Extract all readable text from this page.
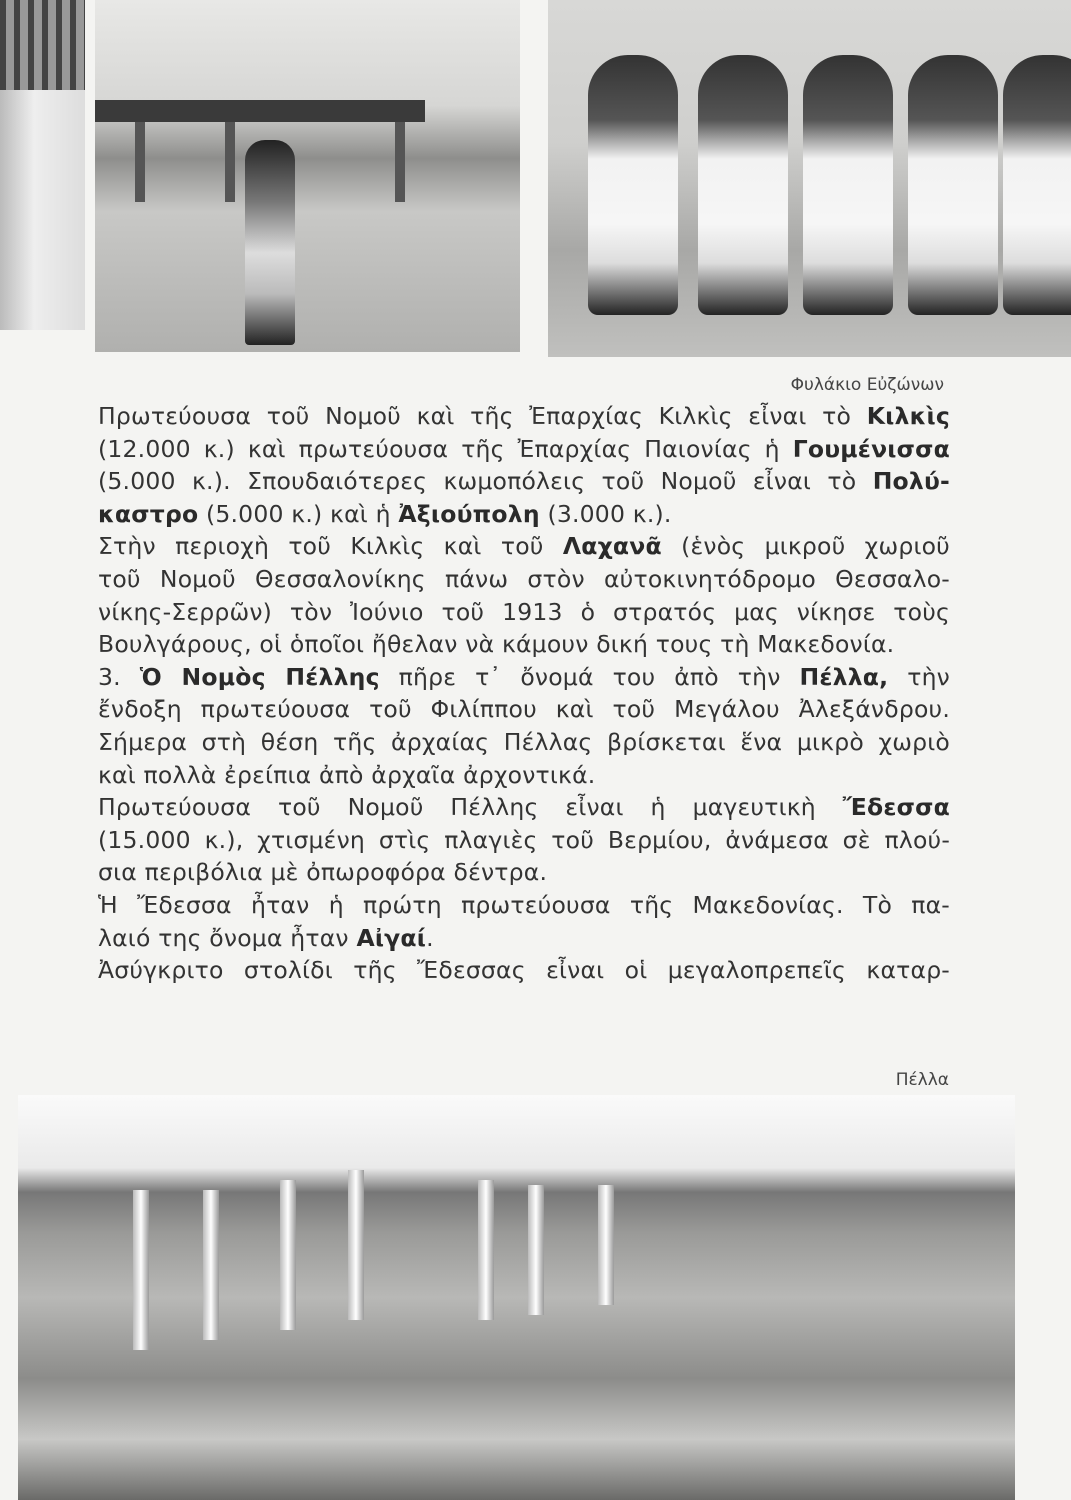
Φυλάκιο Εὐζώνων
Πρωτεύουσα τοῦ Νομοῦ καὶ τῆς Ἐπαρχίας Κιλκὶς εἶναι τὸ Κιλκὶς
(12.000 κ.) καὶ πρωτεύουσα τῆς Ἐπαρχίας Παιονίας ἡ Γουμένισσα
(5.000 κ.). Σπουδαιότερες κωμοπόλεις τοῦ Νομοῦ εἶναι τὸ Πολύ-
καστρο (5.000 κ.) καὶ ἡ Ἀξιούπολη (3.000 κ.).
Στὴν περιοχὴ τοῦ Κιλκὶς καὶ τοῦ Λαχανᾶ (ἑνὸς μικροῦ χωριοῦ
τοῦ Νομοῦ Θεσσαλονίκης πάνω στὸν αὐτοκινητόδρομο Θεσσαλο-
νίκης-Σερρῶν) τὸν Ἰούνιο τοῦ 1913 ὁ στρατός μας νίκησε τοὺς
Βουλγάρους, οἱ ὁποῖοι ἤθελαν νὰ κάμουν δική τους τὴ Μακεδονία.
3. Ὁ Νομὸς Πέλλης πῆρε τ᾽ ὄνομά του ἀπὸ τὴν Πέλλα, τὴν
ἔνδοξη πρωτεύουσα τοῦ Φιλίππου καὶ τοῦ Μεγάλου Ἀλεξάνδρου.
Σήμερα στὴ θέση τῆς ἀρχαίας Πέλλας βρίσκεται ἕνα μικρὸ χωριὸ
καὶ πολλὰ ἐρείπια ἀπὸ ἀρχαῖα ἀρχοντικά.
Πρωτεύουσα τοῦ Νομοῦ Πέλλης εἶναι ἡ μαγευτικὴ Ἔδεσσα
(15.000 κ.), χτισμένη στὶς πλαγιὲς τοῦ Βερμίου, ἀνάμεσα σὲ πλού-
σια περιβόλια μὲ ὀπωροφόρα δέντρα.
Ἡ Ἔδεσσα ἦταν ἡ πρώτη πρωτεύουσα τῆς Μακεδονίας. Τὸ πα-
λαιό της ὄνομα ἦταν Αἰγαί.
Ἀσύγκριτο στολίδι τῆς Ἔδεσσας εἶναι οἱ μεγαλοπρεπεῖς καταρ-
Πέλλα
